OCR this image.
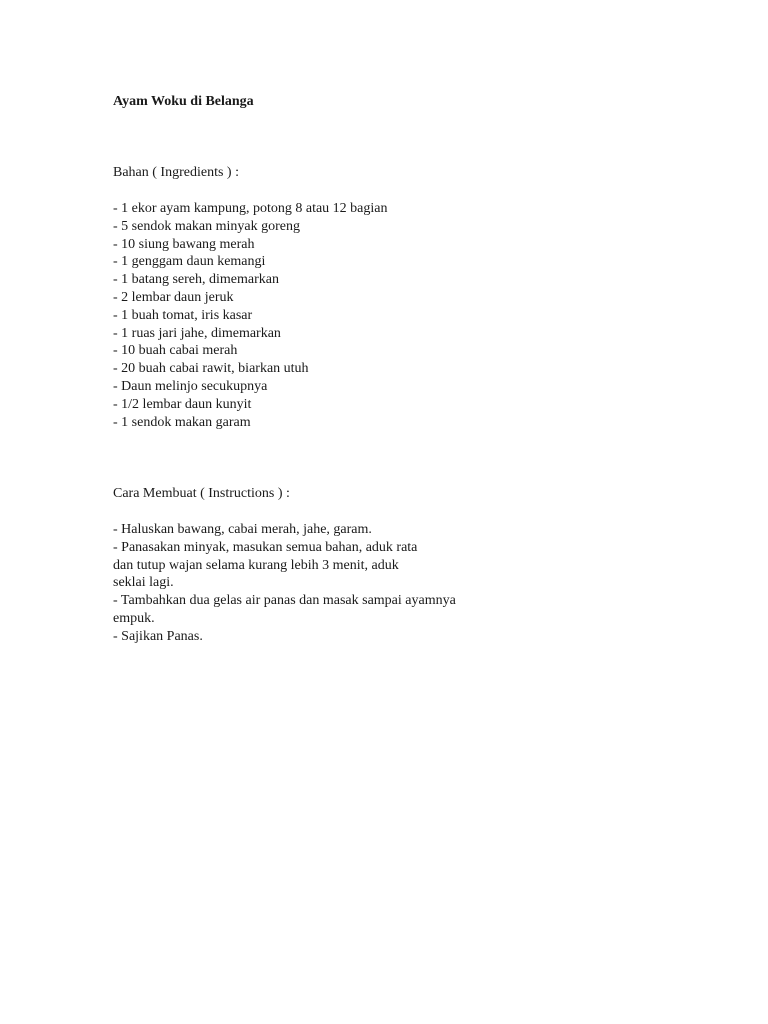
Ayam Woku di Belanga
Bahan ( Ingredients ) :
- 1 ekor ayam kampung, potong 8 atau 12 bagian
- 5 sendok makan minyak goreng
- 10 siung bawang merah
- 1 genggam daun kemangi
- 1 batang sereh, dimemarkan
- 2 lembar daun jeruk
- 1 buah tomat, iris kasar
- 1 ruas jari jahe, dimemarkan
- 10 buah cabai merah
- 20 buah cabai rawit, biarkan utuh
- Daun melinjo secukupnya
- 1/2 lembar daun kunyit
- 1 sendok makan garam
Cara Membuat ( Instructions ) :
- Haluskan bawang, cabai merah, jahe, garam.
- Panasakan minyak, masukan semua bahan, aduk rata
dan tutup wajan selama kurang lebih 3 menit, aduk
seklai lagi.
- Tambahkan dua gelas air panas dan masak sampai ayamnya
empuk.
- Sajikan Panas.
